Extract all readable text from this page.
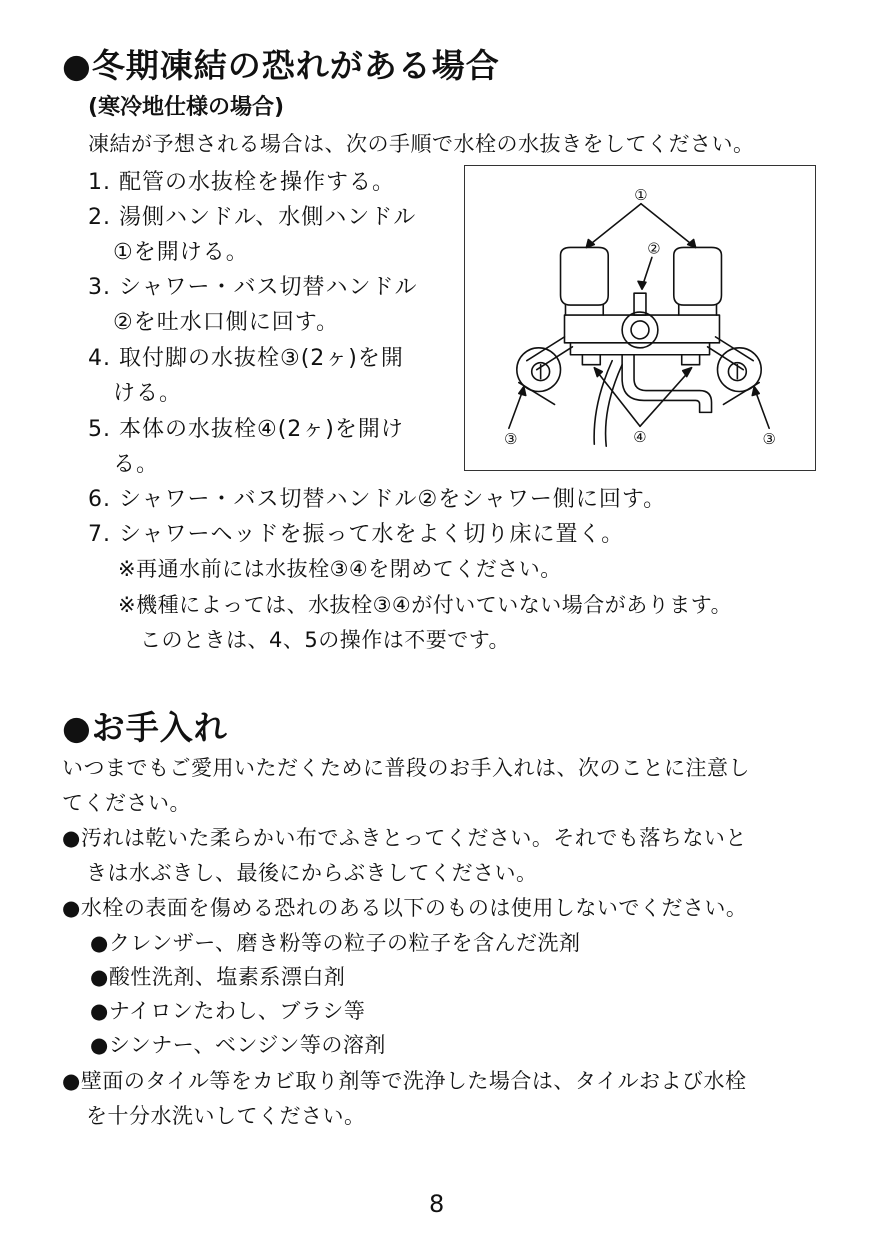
●冬期凍結の恐れがある場合
(寒冷地仕様の場合)
凍結が予想される場合は、次の手順で水栓の水抜きをしてください。
1. 配管の水抜栓を操作する。
2. 湯側ハンドル、水側ハンドル
①を開ける。
3. シャワー・バス切替ハンドル
②を吐水口側に回す。
4. 取付脚の水抜栓③(2ヶ)を開
ける。
5. 本体の水抜栓④(2ヶ)を開け
る。
6. シャワー・バス切替ハンドル②をシャワー側に回す。
7. シャワーヘッドを振って水をよく切り床に置く。
※再通水前には水抜栓③④を閉めてください。
※機種によっては、水抜栓③④が付いていない場合があります。
このときは、4、5の操作は不要です。
①
②
③	④	③
●お手入れ
いつまでもご愛用いただくために普段のお手入れは、次のことに注意し
てください。
●汚れは乾いた柔らかい布でふきとってください。それでも落ちないと
きは水ぶきし、最後にからぶきしてください。
●水栓の表面を傷める恐れのある以下のものは使用しないでください。
●クレンザー、磨き粉等の粒子の粒子を含んだ洗剤
●酸性洗剤、塩素系漂白剤
●ナイロンたわし、ブラシ等
●シンナー、ベンジン等の溶剤
●壁面のタイル等をカビ取り剤等で洗浄した場合は、タイルおよび水栓
を十分水洗いしてください。
8
